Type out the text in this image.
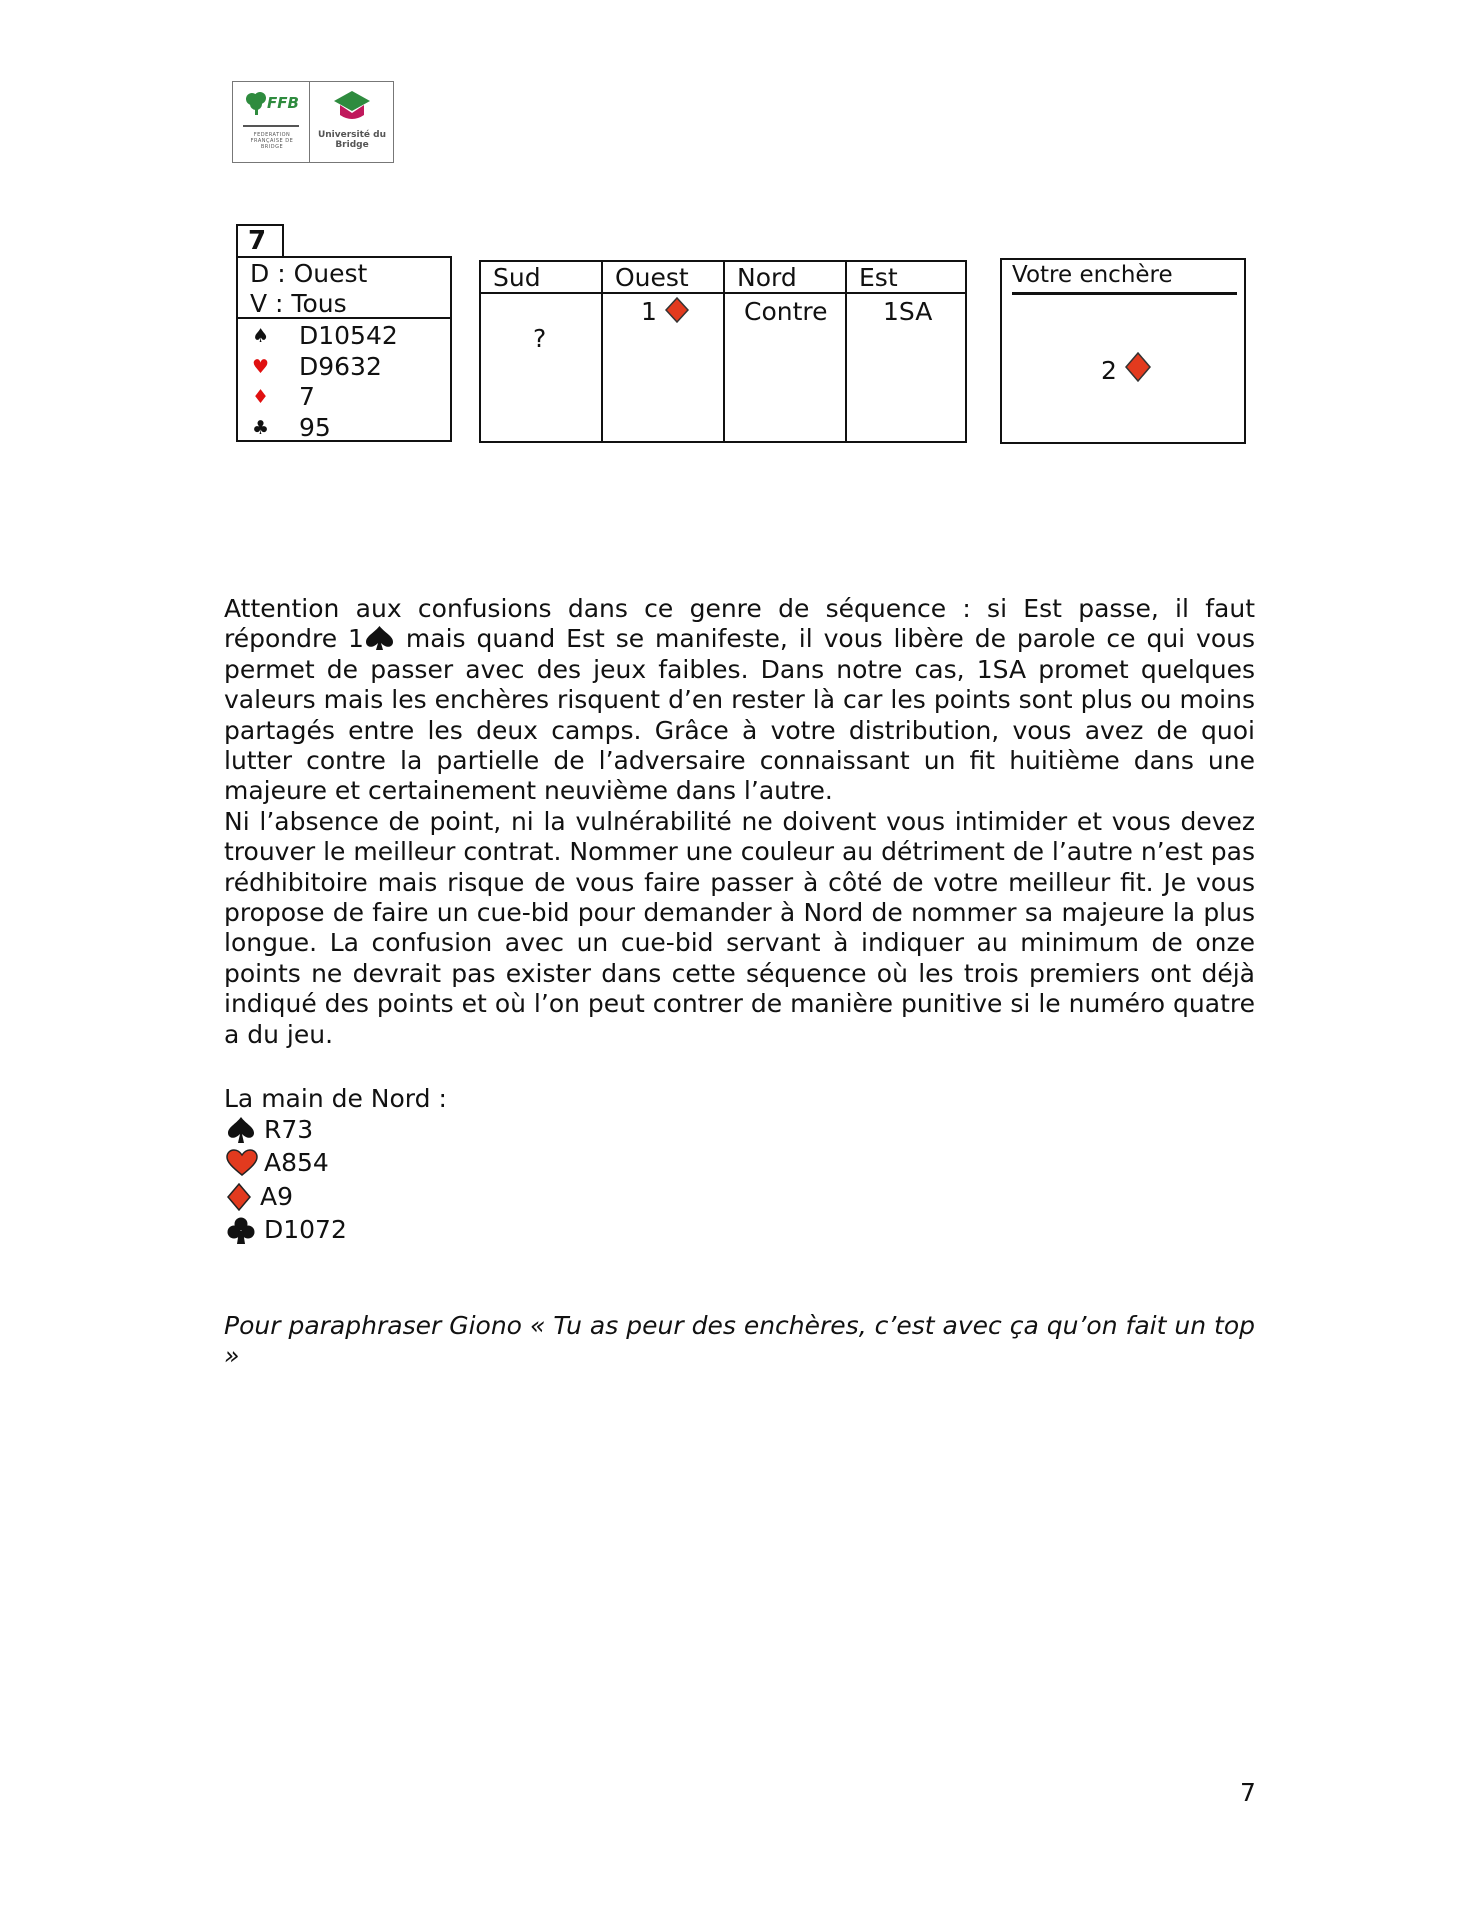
FFB
FEDERATION FRANÇAISE DE BRIDGE
Université du Bridge
7
D : Ouest
V : Tous
♠ D10542
♥ D9632
♦ 7
♣ 95
Sud
?
Ouest
1
Nord
Contre
Est
1SA
Votre enchère
2

Attention aux confusions dans ce genre de séquence : si Est passe, il faut répondre 1 mais quand Est se manifeste, il vous libère de parole ce qui vous permet de passer avec des jeux faibles. Dans notre cas, 1SA promet quelques valeurs mais les enchères risquent d’en rester là car les points sont plus ou moins partagés entre les deux camps. Grâce à votre distribution, vous avez de quoi lutter contre la partielle de l’adversaire connaissant un fit huitième dans une majeure et certainement neuvième dans l’autre.

Ni l’absence de point, ni la vulnérabilité ne doivent vous intimider et vous devez trouver le meilleur contrat. Nommer une couleur au détriment de l’autre n’est pas rédhibitoire mais risque de vous faire passer à côté de votre meilleur fit. Je vous propose de faire un cue-bid pour demander à Nord de nommer sa majeure la plus longue. La confusion avec un cue-bid servant à indiquer au minimum de onze points ne devrait pas exister dans cette séquence où les trois premiers ont déjà indiqué des points et où l’on peut contrer de manière punitive si le numéro quatre a du jeu.

La main de Nord :
R73
A854
A9
D1072
Pour paraphraser Giono « Tu as peur des enchères, c’est avec ça qu’on fait un top »
7
